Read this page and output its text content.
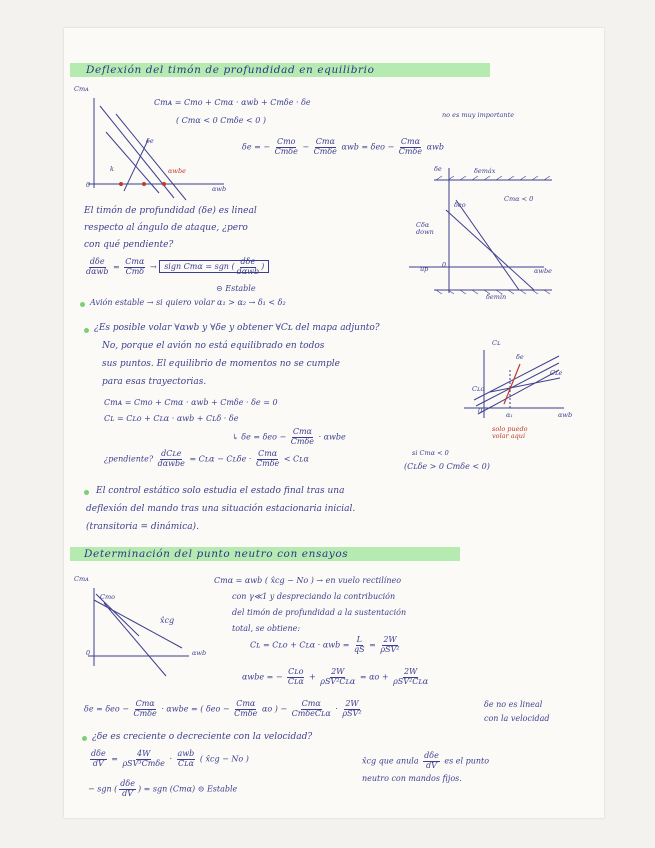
Deflexión del timón de profundidad en equilibrio
Cmᴀ
δe
αwbe
αwb
0
k
Cmᴀ = Cmo + Cmα · αwb + Cmδe · δe
( Cmα < 0 Cmδe < 0 )
no es muy importante
δe = − $\frac{\text{Cmo}}{\text{Cmδe}} - \frac{\text{Cmα}}{\text{Cmδe}}$ $\alpha wb = \delta eo - \frac{\text{Cmα}}{\text{Cmδe}}$ αwb
δe	δemáx
Cmα < 0
δeo
Cδα down
up	αwbe
δemín
0
El timón de profundidad (δe) es lineal
respecto al ángulo de ataque, ¿pero
con qué pendiente?
$\frac{\text{dδe}}{\text{dαwb}} = \frac{\text{Cmα}}{\text{Cmδ}}$ → sign Cmα = sgn ( $\frac{\text{dδe}}{\text{dαwb}}$ )
⊝ Estable
Avión estable → si quiero volar α₁ > α₂ → δ₁ < δ₂
¿Es posible volar ∀αwb y ∀δe y obtener ∀Cʟ del mapa adjunto?
No, porque el avión no está equilibrado en todos
sus puntos. El equilibrio de momentos no se cumple
para esas trayectorias.
Cmᴀ = Cmo + Cmα · αwb + Cmδe · δe = 0
Cʟ = Cʟo + Cʟα · αwb + Cʟδ · δe
↳ $\delta e = \delta eo - \frac{\text{Cmα}}{\text{Cmδe}} \cdot \alpha wbe$
Cʟ
δe
Cʟe
Cʟo
0	α₁	αwb
solo puedo volar aquí
¿pendiente? $\frac{\text{dCʟe}}{\text{dαwbe}}$ = Cʟα − Cʟδe · $\frac{\text{Cmα}}{\text{Cmδe}}$ < Cʟα
si Cmα < 0
(Cʟδe > 0 Cmδe < 0)
El control estático solo estudia el estado final tras una
deflexión del mando tras una situación estacionaria inicial.
(transitoria = dinámica).
Determinación del punto neutro con ensayos
Cmᴀ
Cmo
x̂cg
αwb
0
Cmα = αwb ( x̂cg − No ) → en vuelo rectilíneo
con γ≪1 y despreciando la contribución
del timón de profundidad a la sustentación
total, se obtiene:
Cʟ = Cʟo + Cʟα · $\alpha wb = \frac{L}{qS} = \frac{2W}{\text{ρSV²}}$
αwbe = − $\frac{\text{Cʟo}}{\text{Cʟα}} + \frac{2W}{\text{ρSV²Cʟα}} = \alpha o + \frac{2W}{\text{ρSV²Cʟα}}$
$\delta e = \delta eo - \frac{\text{Cmα}}{\text{Cmδe}} \cdot \alpha wbe$ = ( $\delta eo - \frac{\text{Cmα}}{\text{Cmδe}}$ αo ) − $\frac{\text{Cmα}}{\text{CmδeCʟα}} \cdot \frac{2W}{\text{ρSV²}}$	δe no es lineal
con la velocidad
¿δe es creciente o decreciente con la velocidad?
$\frac{\text{dδe}}{dV} = \frac{4W}{\text{ρSV³Cmδe}} \cdot \frac{\text{awb}}{\text{Cʟα}}$ ( x̂cg − No )	x̂cg que anula $\frac{\text{dδe}}{dV}$ es el punto
neutro con mandos fijos.
− sgn ( $\frac{\text{dδe}}{dV}$ ) = sgn (Cmα) ⊝ Estable
